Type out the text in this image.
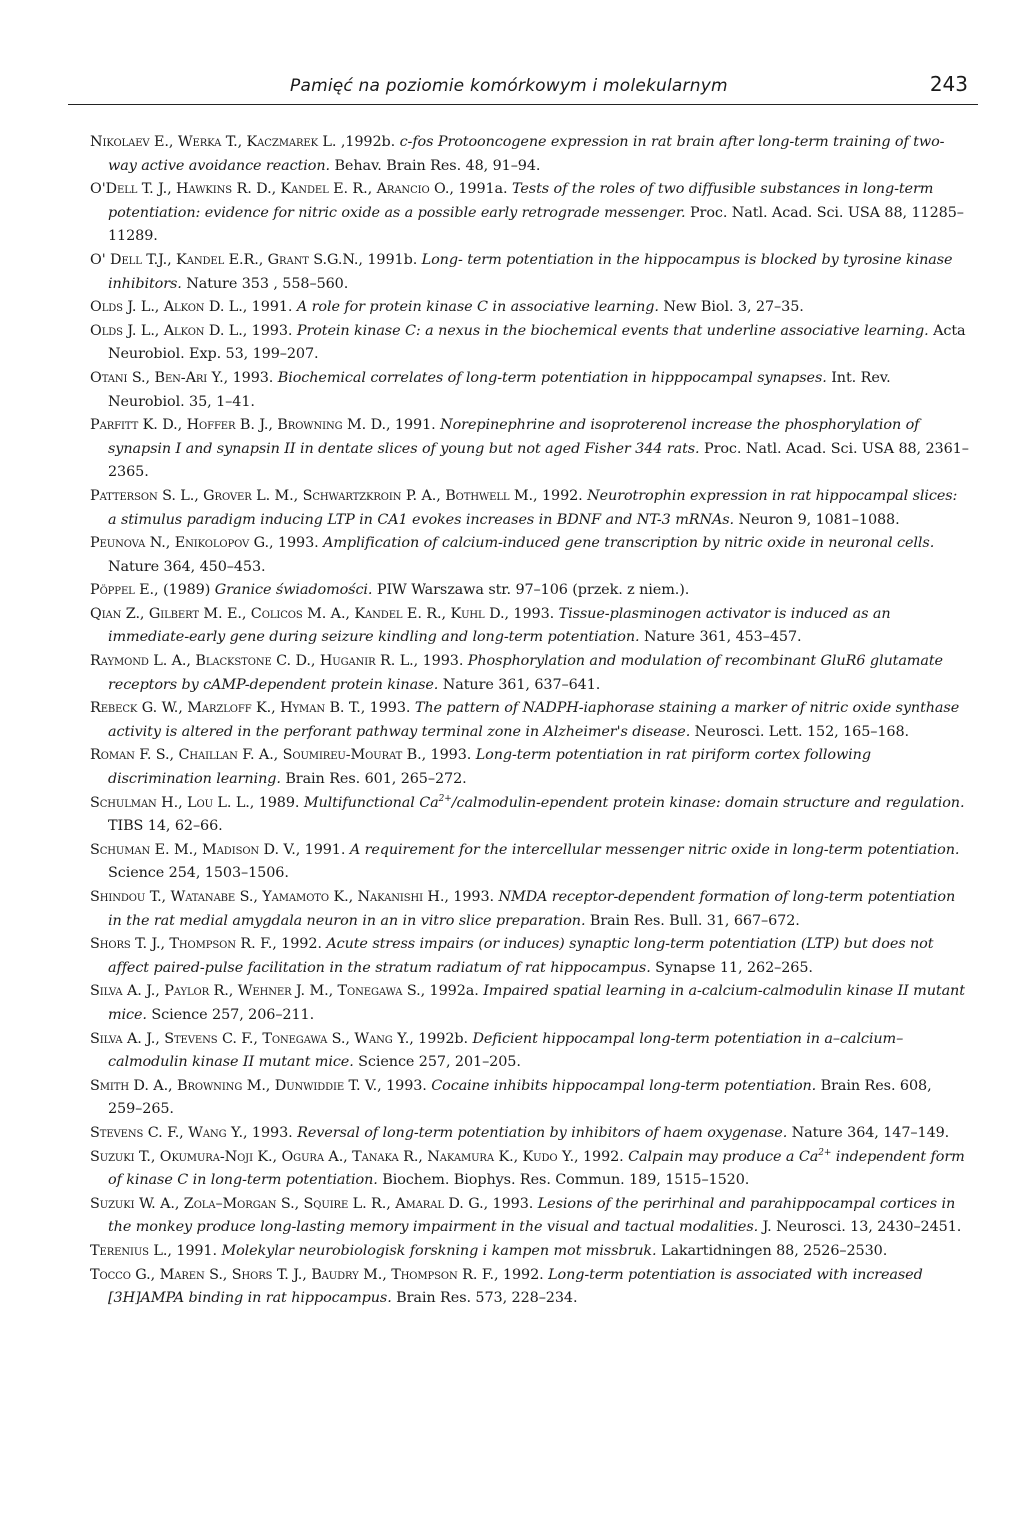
Pamięć na poziomie komórkowym i molekularnym	243
Nikolaev E., Werka T., Kaczmarek L. ,1992b. c-fos Protooncogene expression in rat brain after long-term training of two-way active avoidance reaction. Behav. Brain Res. 48, 91–94.
O'Dell T. J., Hawkins R. D., Kandel E. R., Arancio O., 1991a. Tests of the roles of two diffusible substances in long-term potentiation: evidence for nitric oxide as a possible early retrograde messenger. Proc. Natl. Acad. Sci. USA 88, 11285–11289.
O' Dell T.J., Kandel E.R., Grant S.G.N., 1991b. Long- term potentiation in the hippocampus is blocked by tyrosine kinase inhibitors. Nature 353 , 558–560.
Olds J. L., Alkon D. L., 1991. A role for protein kinase C in associative learning. New Biol. 3, 27–35.
Olds J. L., Alkon D. L., 1993. Protein kinase C: a nexus in the biochemical events that underline associative learning. Acta Neurobiol. Exp. 53, 199–207.
Otani S., Ben-Ari Y., 1993. Biochemical correlates of long-term potentiation in hipppocampal synapses. Int. Rev. Neurobiol. 35, 1–41.
Parfitt K. D., Hoffer B. J., Browning M. D., 1991. Norepinephrine and isoproterenol increase the phosphorylation of synapsin I and synapsin II in dentate slices of young but not aged Fisher 344 rats. Proc. Natl. Acad. Sci. USA 88, 2361–2365.
Patterson S. L., Grover L. M., Schwartzkroin P. A., Bothwell M., 1992. Neurotrophin expression in rat hippocampal slices: a stimulus paradigm inducing LTP in CA1 evokes increases in BDNF and NT-3 mRNAs. Neuron 9, 1081–1088.
Peunova N., Enikolopov G., 1993. Amplification of calcium-induced gene transcription by nitric oxide in neuronal cells. Nature 364, 450–453.
Pöppel E., (1989) Granice świadomości. PIW Warszawa str. 97–106 (przek. z niem.).
Qian Z., Gilbert M. E., Colicos M. A., Kandel E. R., Kuhl D., 1993. Tissue-plasminogen activator is induced as an immediate-early gene during seizure kindling and long-term potentiation. Nature 361, 453–457.
Raymond L. A., Blackstone C. D., Huganir R. L., 1993. Phosphorylation and modulation of recombinant GluR6 glutamate receptors by cAMP-dependent protein kinase. Nature 361, 637–641.
Rebeck G. W., Marzloff K., Hyman B. T., 1993. The pattern of NADPH-iaphorase staining a marker of nitric oxide synthase activity is altered in the perforant pathway terminal zone in Alzheimer's disease. Neurosci. Lett. 152, 165–168.
Roman F. S., Chaillan F. A., Soumireu-Mourat B., 1993. Long-term potentiation in rat piriform cortex following discrimination learning. Brain Res. 601, 265–272.
Schulman H., Lou L. L., 1989. Multifunctional $Ca^{2+}/calmodulin$-ependent protein kinase: domain structure and regulation. TIBS 14, 62–66.
Schuman E. M., Madison D. V., 1991. A requirement for the intercellular messenger nitric oxide in long-term potentiation. Science 254, 1503–1506.
Shindou T., Watanabe S., Yamamoto K., Nakanishi H., 1993. NMDA receptor-dependent formation of long-term potentiation in the rat medial amygdala neuron in an in vitro slice preparation. Brain Res. Bull. 31, 667–672.
Shors T. J., Thompson R. F., 1992. Acute stress impairs (or induces) synaptic long-term potentiation (LTP) but does not affect paired-pulse facilitation in the stratum radiatum of rat hippocampus. Synapse 11, 262–265.
Silva A. J., Paylor R., Wehner J. M., Tonegawa S., 1992a. Impaired spatial learning in a-calcium-calmodulin kinase II mutant mice. Science 257, 206–211.
Silva A. J., Stevens C. F., Tonegawa S., Wang Y., 1992b. Deficient hippocampal long-term potentiation in a–calcium–calmodulin kinase II mutant mice. Science 257, 201–205.
Smith D. A., Browning M., Dunwiddie T. V., 1993. Cocaine inhibits hippocampal long-term potentiation. Brain Res. 608, 259–265.
Stevens C. F., Wang Y., 1993. Reversal of long-term potentiation by inhibitors of haem oxygenase. Nature 364, 147–149.
Suzuki T., Okumura-Noji K., Ogura A., Tanaka R., Nakamura K., Kudo Y., 1992. Calpain may produce a $Ca^{2+}$ independent form of kinase C in long-term potentiation. Biochem. Biophys. Res. Commun. 189, 1515–1520.
Suzuki W. A., Zola–Morgan S., Squire L. R., Amaral D. G., 1993. Lesions of the perirhinal and parahippocampal cortices in the monkey produce long-lasting memory impairment in the visual and tactual modalities. J. Neurosci. 13, 2430–2451.
Terenius L., 1991. Molekylar neurobiologisk forskning i kampen mot missbruk. Lakartidningen 88, 2526–2530.
Tocco G., Maren S., Shors T. J., Baudry M., Thompson R. F., 1992. Long-term potentiation is associated with increased [3H]AMPA binding in rat hippocampus. Brain Res. 573, 228–234.
